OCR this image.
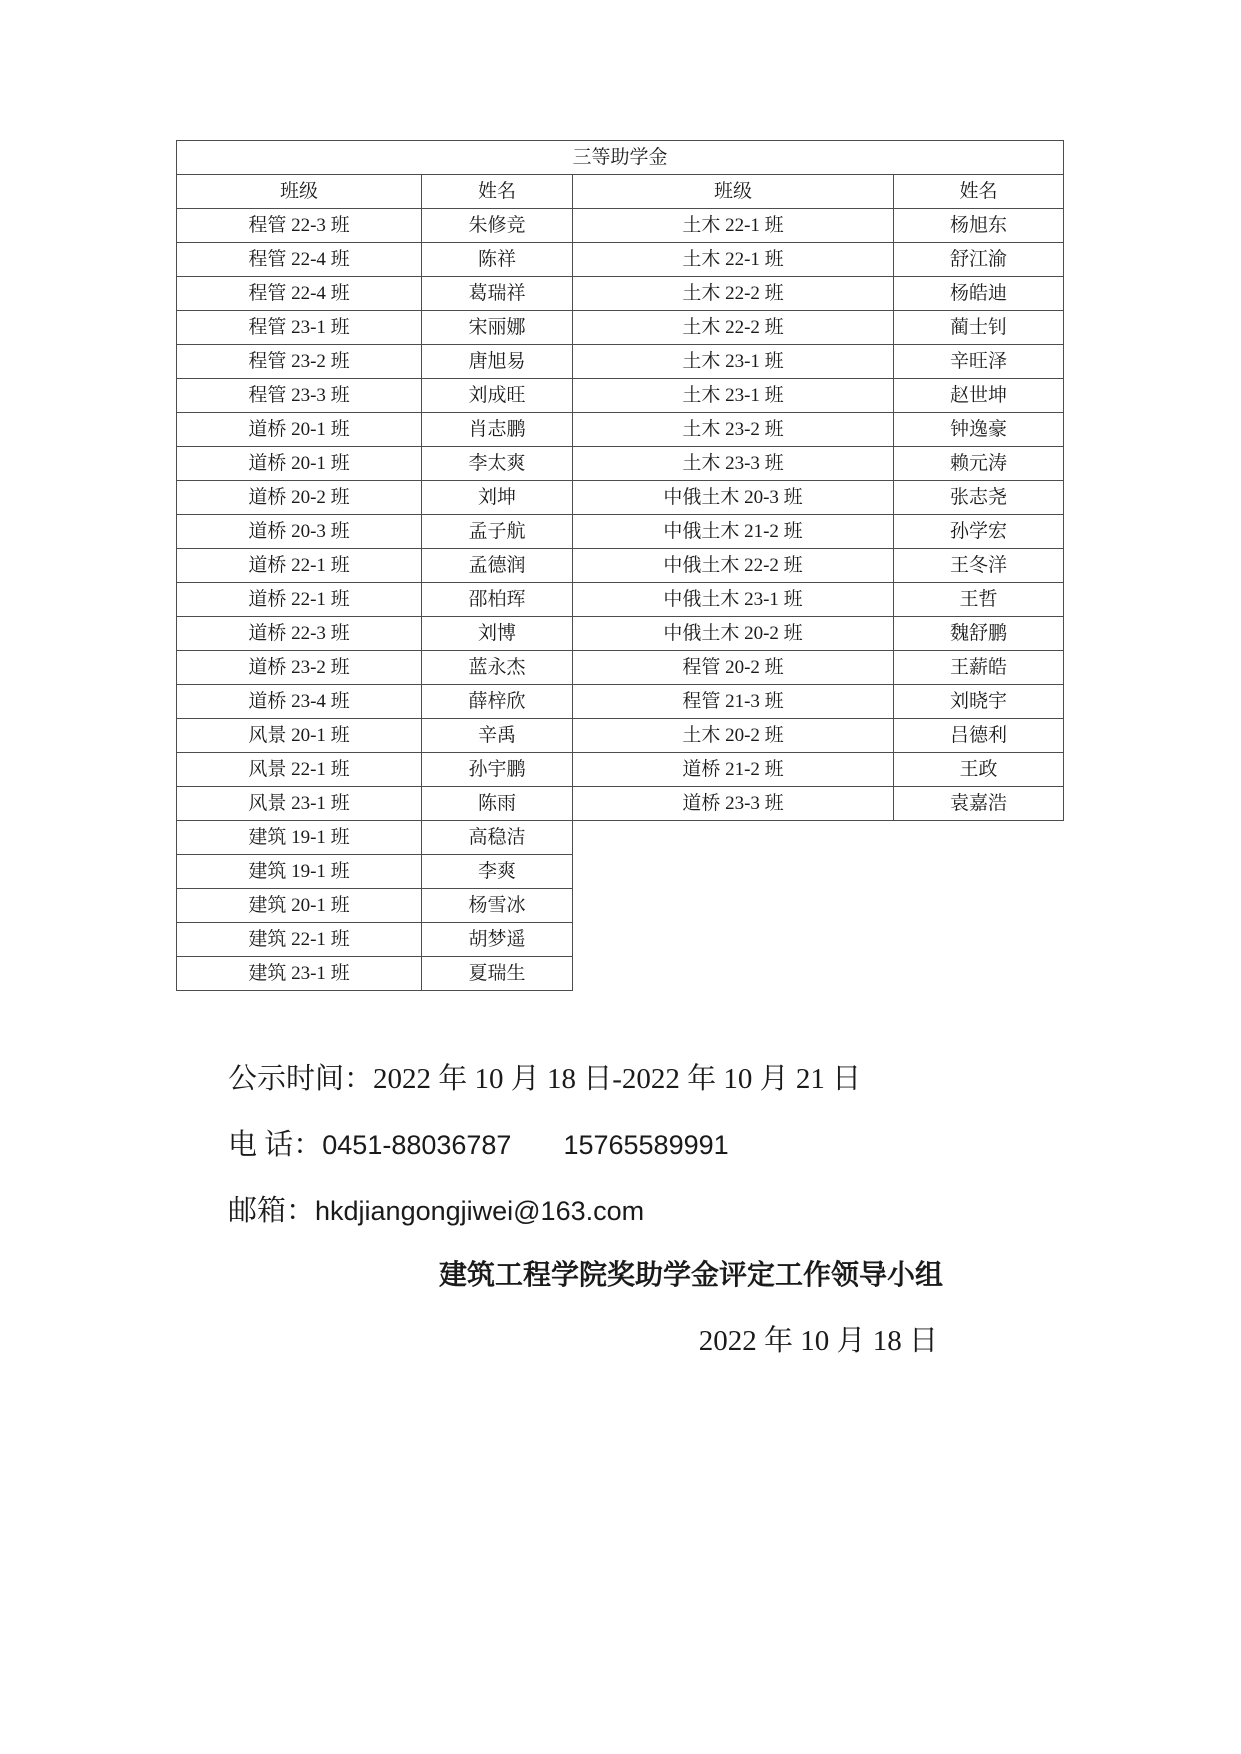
三等助学金
班级	姓名	班级	姓名
程管 22-3 班	朱修竞	土木 22-1 班	杨旭东
程管 22-4 班	陈祥	土木 22-1 班	舒江渝
程管 22-4 班	葛瑞祥	土木 22-2 班	杨皓迪
程管 23-1 班	宋丽娜	土木 22-2 班	蔺士钊
程管 23-2 班	唐旭易	土木 23-1 班	辛旺泽
程管 23-3 班	刘成旺	土木 23-1 班	赵世坤
道桥 20-1 班	肖志鹏	土木 23-2 班	钟逸豪
道桥 20-1 班	李太爽	土木 23-3 班	赖元涛
道桥 20-2 班	刘坤	中俄土木 20-3 班	张志尧
道桥 20-3 班	孟子航	中俄土木 21-2 班	孙学宏
道桥 22-1 班	孟德润	中俄土木 22-2 班	王冬洋
道桥 22-1 班	邵柏珲	中俄土木 23-1 班	王哲
道桥 22-3 班	刘博	中俄土木 20-2 班	魏舒鹏
道桥 23-2 班	蓝永杰	程管 20-2 班	王薪皓
道桥 23-4 班	薛梓欣	程管 21-3 班	刘晓宇
风景 20-1 班	辛禹	土木 20-2 班	吕德利
风景 22-1 班	孙宇鹏	道桥 21-2 班	王政
风景 23-1 班	陈雨	道桥 23-3 班	袁嘉浩
建筑 19-1 班	高稳洁
建筑 19-1 班	李爽
建筑 20-1 班	杨雪冰
建筑 22-1 班	胡梦遥
建筑 23-1 班	夏瑞生
公示时间：2022 年 10 月 18 日-2022 年 10 月 21 日
电 话：0451-88036787 15765589991
邮箱：hkdjiangongjiwei@163.com
建筑工程学院奖助学金评定工作领导小组
2022 年 10 月 18 日
